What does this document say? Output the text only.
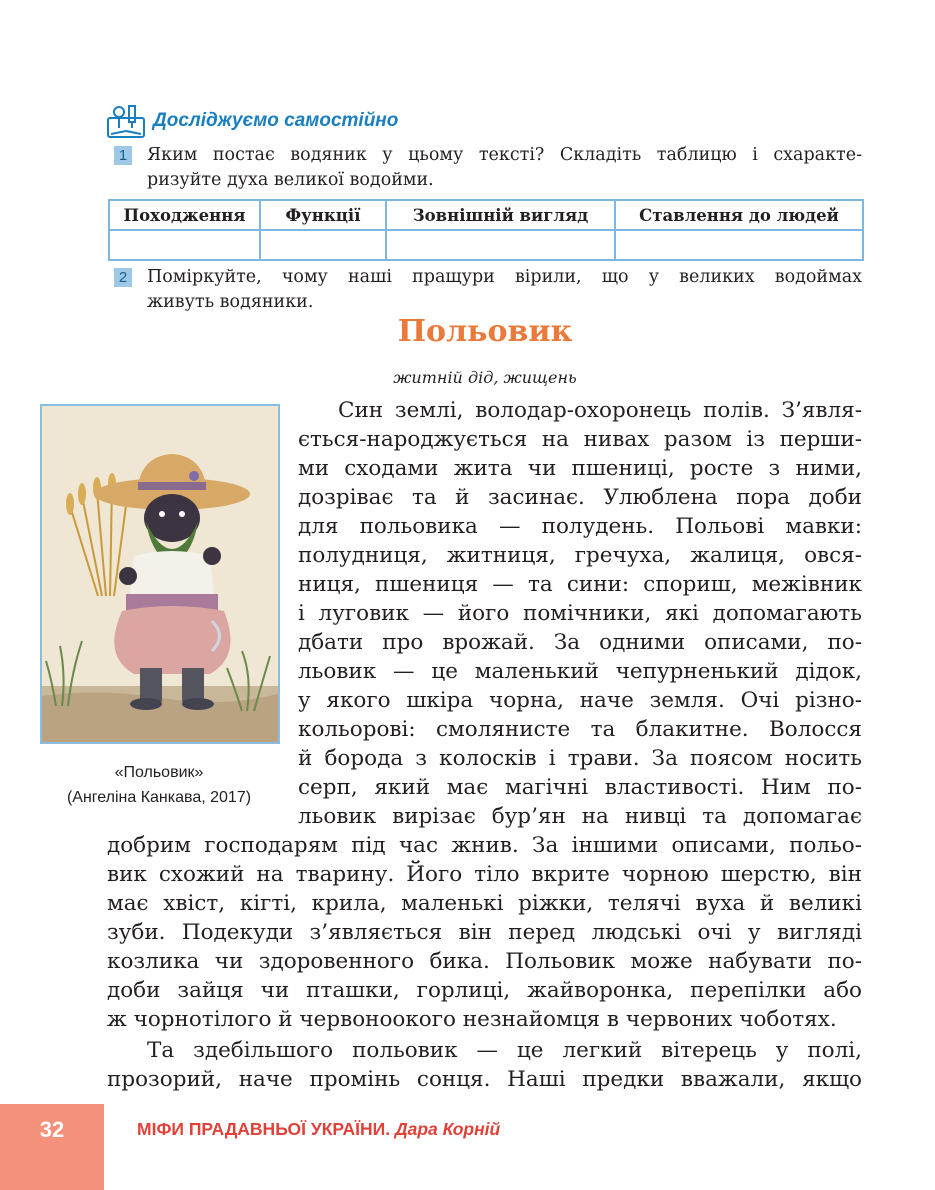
Досліджуємо самостійно
1 Яким постає водяник у цьому тексті? Складіть таблицю і схаракте-
ризуйте духа великої водойми.
Походження	Функції	Зовнішній вигляд	Ставлення до людей

2 Поміркуйте, чому наші пращури вірили, що у великих водоймах
живуть водяники.
Польовик
житній дід, жищень
«Польовик»
(Ангеліна Канкава, 2017)
Син землі, володар-охоронець полів. З’явля-
ється-народжується на нивах разом із перши-
ми сходами жита чи пшениці, росте з ними,
дозріває та й засинає. Улюблена пора доби
для польовика — полудень. Польові мавки:
полудниця, житниця, гречуха, жалиця, овся-
ниця, пшениця — та сини: спориш, межівник
і луговик — його помічники, які допомагають
дбати про врожай. За одними описами, по-
льовик — це маленький чепурненький дідок,
у якого шкіра чорна, наче земля. Очі різно-
кольорові: смолянисте та блакитне. Волосся
й борода з колосків і трави. За поясом носить
серп, який має магічні властивості. Ним по-
льовик вирізає бур’ян на нивці та допомагає
добрим господарям під час жнив. За іншими описами, польо-
вик схожий на тварину. Його тіло вкрите чорною шерстю, він
має хвіст, кігті, крила, маленькі ріжки, телячі вуха й великі
зуби. Подекуди з’являється він перед людські очі у вигляді
козлика чи здоровенного бика. Польовик може набувати по-
доби зайця чи пташки, горлиці, жайворонка, перепілки або
ж чорнотілого й червоноокого незнайомця в червоних чоботях.
Та здебільшого польовик — це легкий вітерець у полі,
прозорий, наче промінь сонця. Наші предки вважали, якщо
32	МІФИ ПРАДАВНЬОЇ УКРАЇНИ. Дара Корній
